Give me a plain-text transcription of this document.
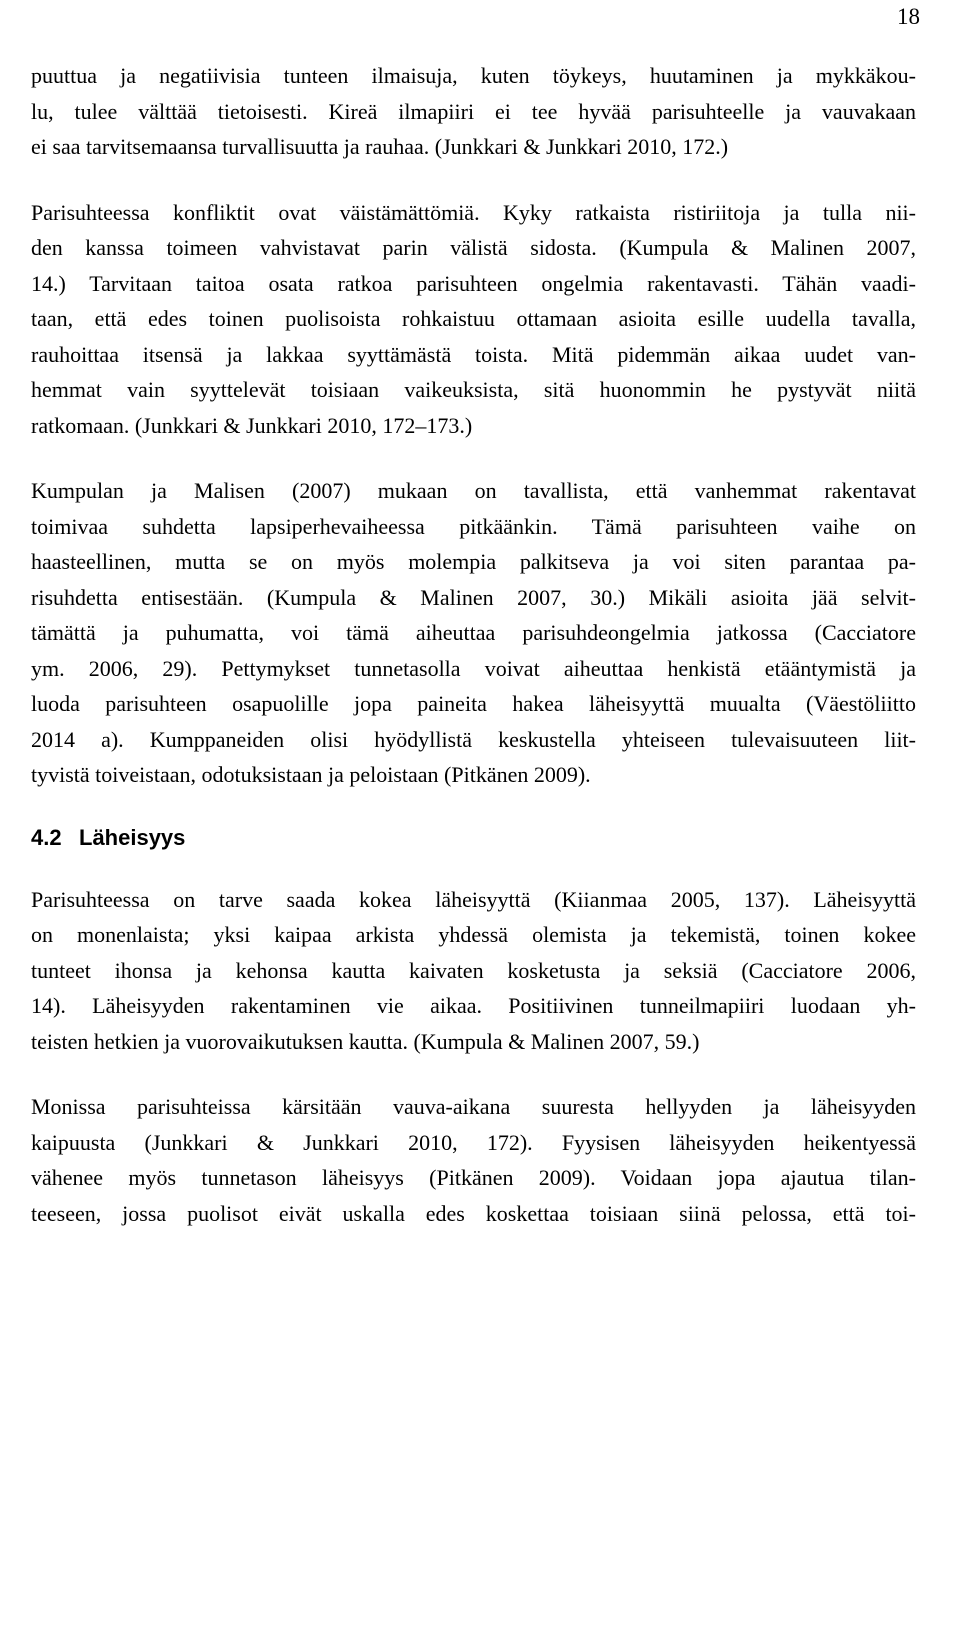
18
puuttua ja negatiivisia tunteen ilmaisuja, kuten töykeys, huutaminen ja mykkäkou-
lu, tulee välttää tietoisesti. Kireä ilmapiiri ei tee hyvää parisuhteelle ja vauvakaan
ei saa tarvitsemaansa turvallisuutta ja rauhaa. (Junkkari & Junkkari 2010, 172.)
Parisuhteessa konfliktit ovat väistämättömiä. Kyky ratkaista ristiriitoja ja tulla nii-
den kanssa toimeen vahvistavat parin välistä sidosta. (Kumpula & Malinen 2007,
14.) Tarvitaan taitoa osata ratkoa parisuhteen ongelmia rakentavasti. Tähän vaadi-
taan, että edes toinen puolisoista rohkaistuu ottamaan asioita esille uudella tavalla,
rauhoittaa itsensä ja lakkaa syyttämästä toista. Mitä pidemmän aikaa uudet van-
hemmat vain syyttelevät toisiaan vaikeuksista, sitä huonommin he pystyvät niitä
ratkomaan. (Junkkari & Junkkari 2010, 172–173.)
Kumpulan ja Malisen (2007) mukaan on tavallista, että vanhemmat rakentavat
toimivaa suhdetta lapsiperhevaiheessa pitkäänkin. Tämä parisuhteen vaihe on
haasteellinen, mutta se on myös molempia palkitseva ja voi siten parantaa pa-
risuhdetta entisestään. (Kumpula & Malinen 2007, 30.) Mikäli asioita jää selvit-
tämättä ja puhumatta, voi tämä aiheuttaa parisuhdeongelmia jatkossa (Cacciatore
ym. 2006, 29). Pettymykset tunnetasolla voivat aiheuttaa henkistä etääntymistä ja
luoda parisuhteen osapuolille jopa paineita hakea läheisyyttä muualta (Väestöliitto
2014 a). Kumppaneiden olisi hyödyllistä keskustella yhteiseen tulevaisuuteen liit-
tyvistä toiveistaan, odotuksistaan ja peloistaan (Pitkänen 2009).
4.2 Läheisyys
Parisuhteessa on tarve saada kokea läheisyyttä (Kiianmaa 2005, 137). Läheisyyttä
on monenlaista; yksi kaipaa arkista yhdessä olemista ja tekemistä, toinen kokee
tunteet ihonsa ja kehonsa kautta kaivaten kosketusta ja seksiä (Cacciatore 2006,
14). Läheisyyden rakentaminen vie aikaa. Positiivinen tunneilmapiiri luodaan yh-
teisten hetkien ja vuorovaikutuksen kautta. (Kumpula & Malinen 2007, 59.)
Monissa parisuhteissa kärsitään vauva-aikana suuresta hellyyden ja läheisyyden
kaipuusta (Junkkari & Junkkari 2010, 172). Fyysisen läheisyyden heikentyessä
vähenee myös tunnetason läheisyys (Pitkänen 2009). Voidaan jopa ajautua tilan-
teeseen, jossa puolisot eivät uskalla edes koskettaa toisiaan siinä pelossa, että toi-
